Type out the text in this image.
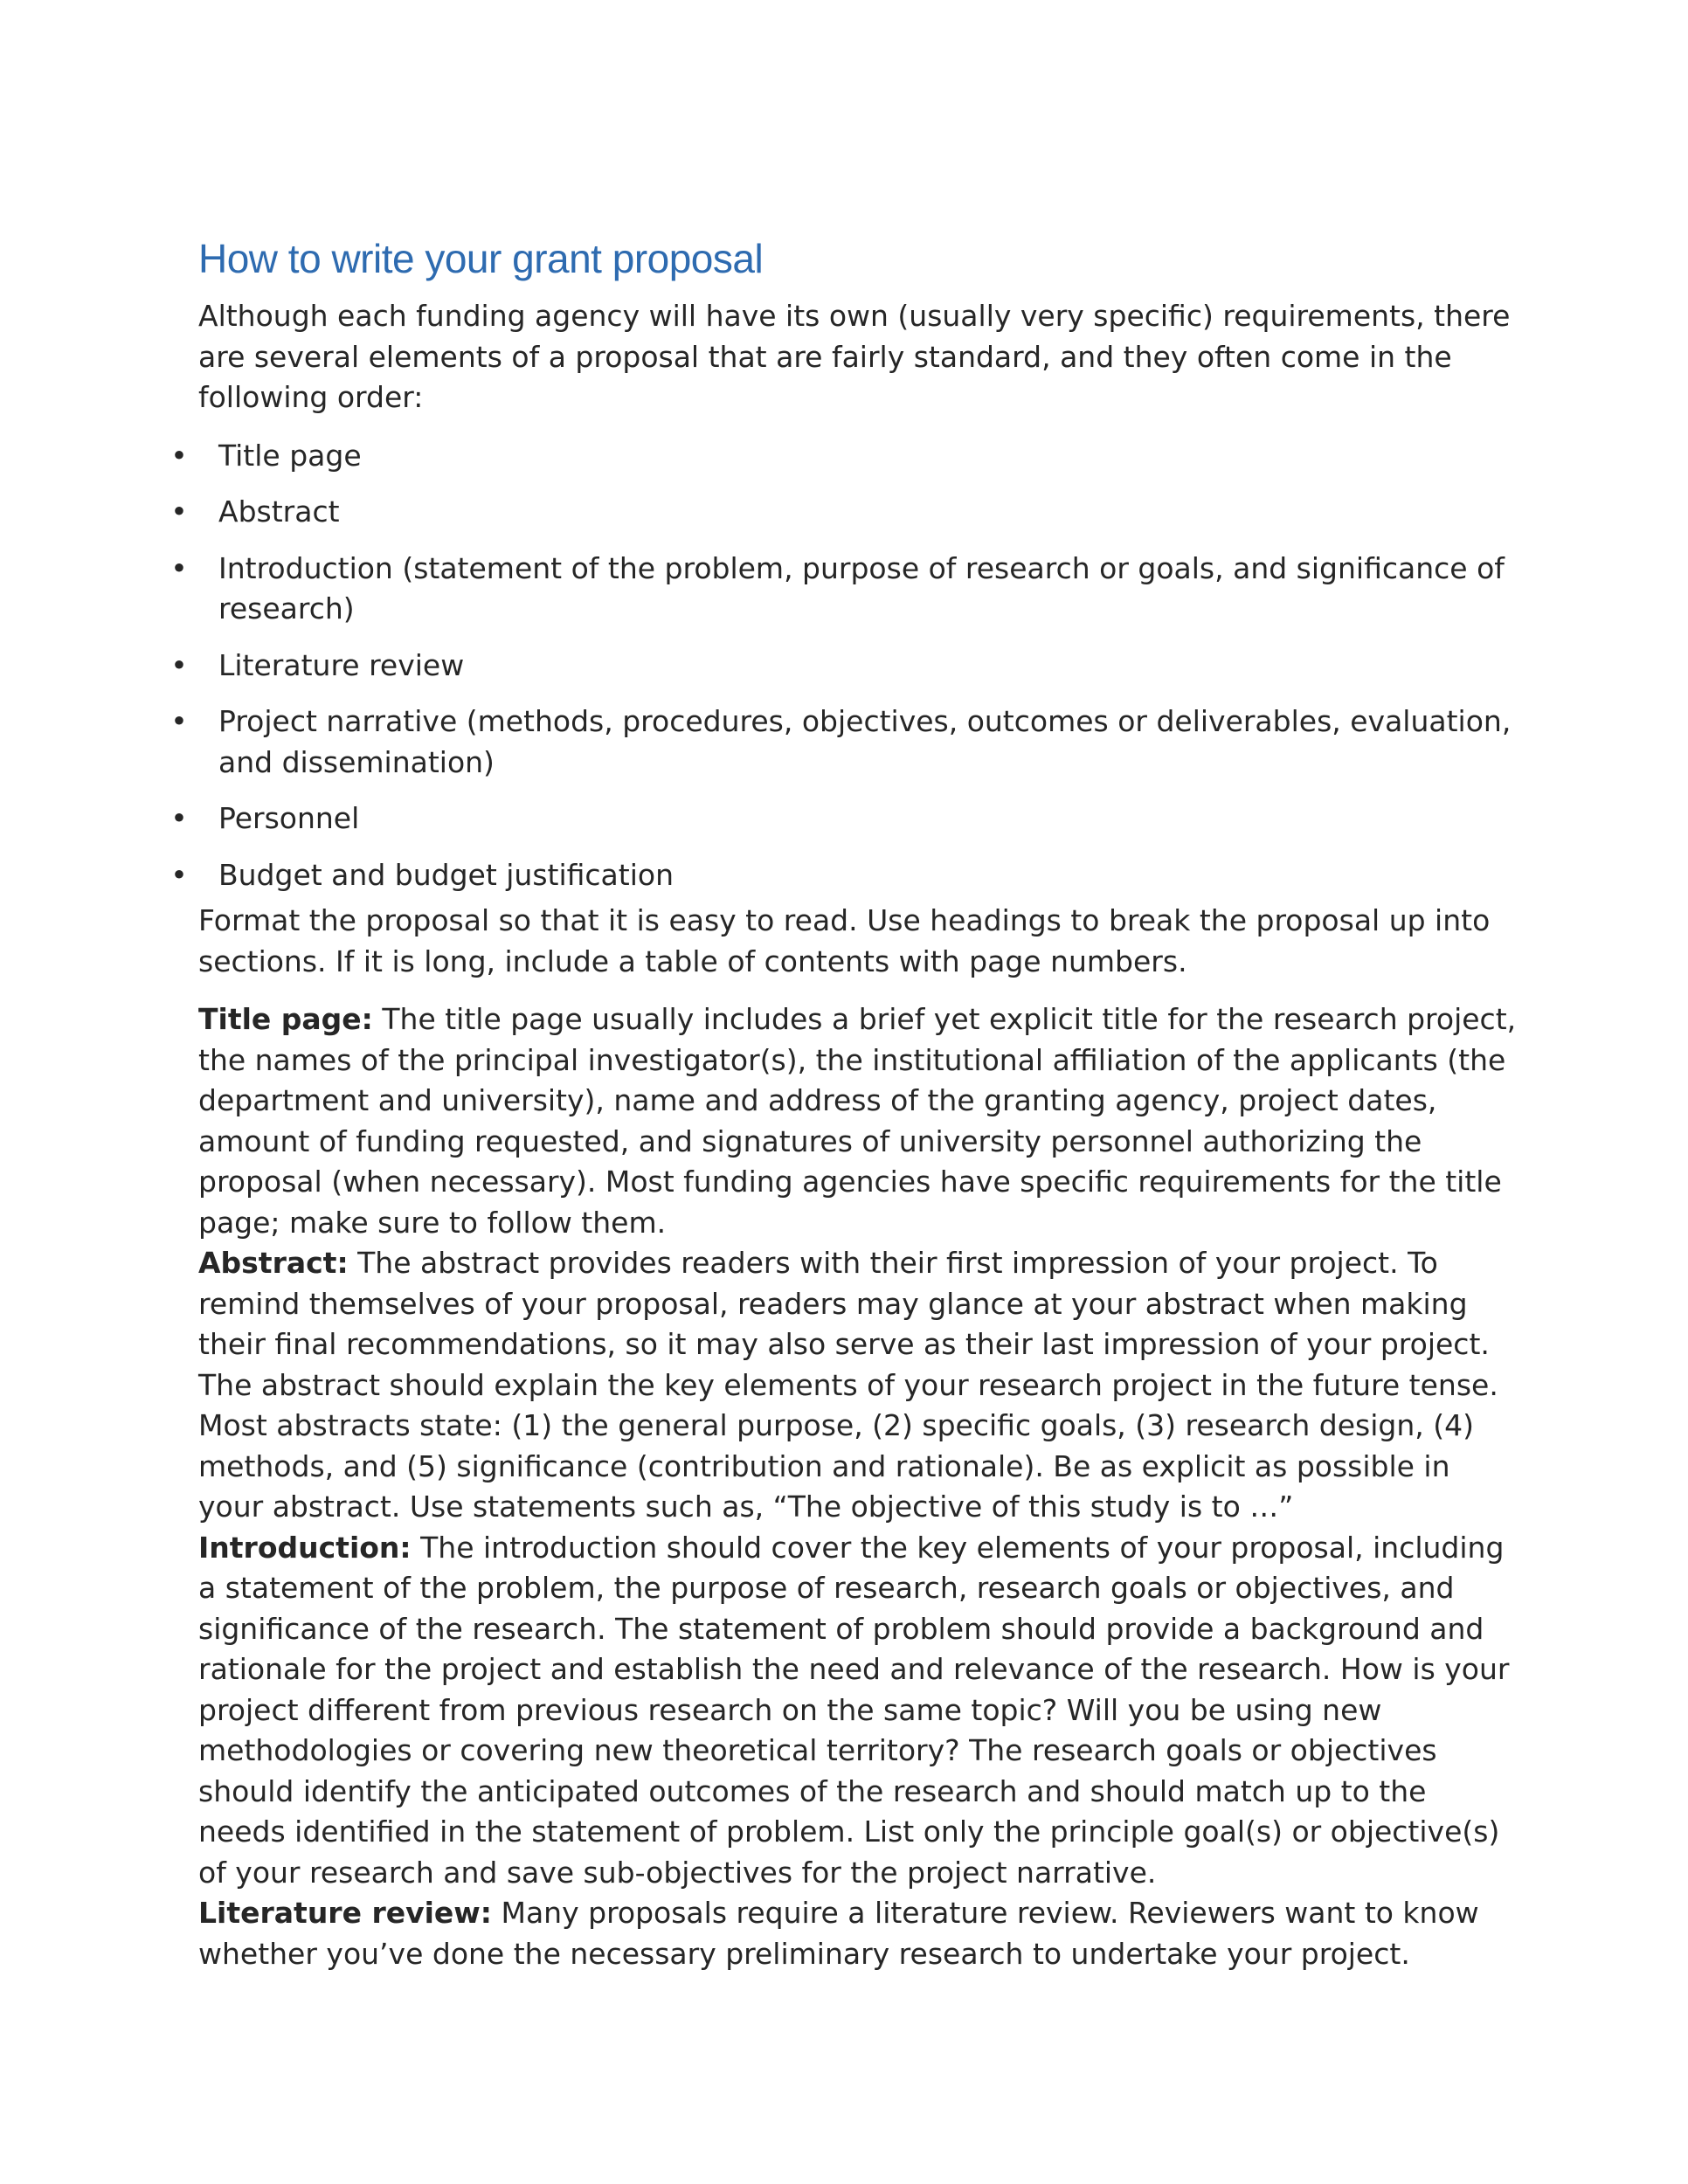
How to write your grant proposal

Although each funding agency will have its own (usually very specific) requirements, there are several elements of a proposal that are fairly standard, and they often come in the following order:

• Title page
• Abstract
• Introduction (statement of the problem, purpose of research or goals, and significance of research)
• Literature review
• Project narrative (methods, procedures, objectives, outcomes or deliverables, evaluation, and dissemination)
• Personnel
• Budget and budget justification

Format the proposal so that it is easy to read. Use headings to break the proposal up into sections. If it is long, include a table of contents with page numbers.

Title page: The title page usually includes a brief yet explicit title for the research project, the names of the principal investigator(s), the institutional affiliation of the applicants (the department and university), name and address of the granting agency, project dates, amount of funding requested, and signatures of university personnel authorizing the proposal (when necessary). Most funding agencies have specific requirements for the title page; make sure to follow them.

Abstract: The abstract provides readers with their first impression of your project. To remind themselves of your proposal, readers may glance at your abstract when making their final recommendations, so it may also serve as their last impression of your project. The abstract should explain the key elements of your research project in the future tense. Most abstracts state: (1) the general purpose, (2) specific goals, (3) research design, (4) methods, and (5) significance (contribution and rationale). Be as explicit as possible in your abstract. Use statements such as, “The objective of this study is to …”

Introduction: The introduction should cover the key elements of your proposal, including a statement of the problem, the purpose of research, research goals or objectives, and significance of the research. The statement of problem should provide a background and rationale for the project and establish the need and relevance of the research. How is your project different from previous research on the same topic? Will you be using new methodologies or covering new theoretical territory? The research goals or objectives should identify the anticipated outcomes of the research and should match up to the needs identified in the statement of problem. List only the principle goal(s) or objective(s) of your research and save sub-objectives for the project narrative.

Literature review: Many proposals require a literature review. Reviewers want to know whether you’ve done the necessary preliminary research to undertake your project.
